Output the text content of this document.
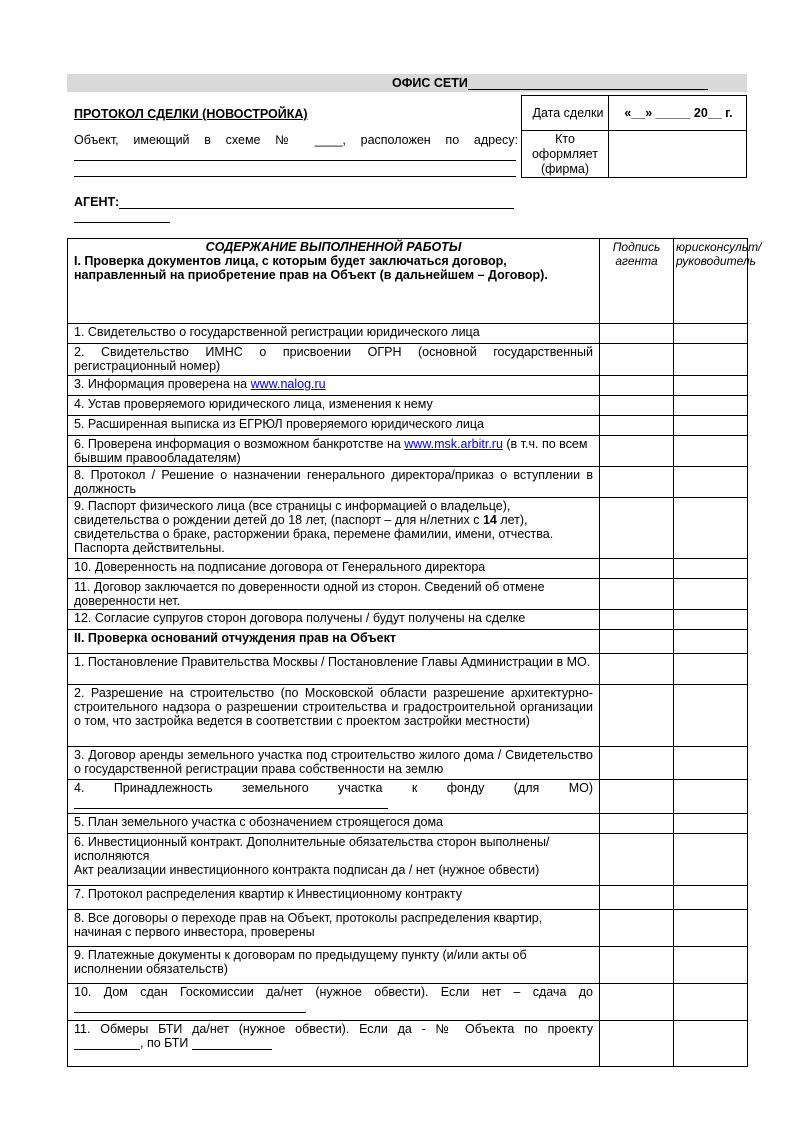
ОФИС СЕТИ
ПРОТОКОЛ СДЕЛКИ (НОВОСТРОЙКА)
Объект, имеющий в схеме № ____, расположен по адресу:
Дата сделки	«__» _____ 20__ г.
Кто оформляет (фирма)
АГЕНТ:
СОДЕРЖАНИЕ ВЫПОЛНЕННОЙ РАБОТЫ
I. Проверка документов лица, с которым будет заключаться договор, направленный на приобретение прав на Объект (в дальнейшем – Договор).	Подпись агента	юрисконсульт/ руководитель
1. Свидетельство о государственной регистрации юридического лица		
2. Свидетельство ИМНС о присвоении ОГРН (основной государственный регистрационный номер)		
3. Информация проверена на www.nalog.ru		
4. Устав проверяемого юридического лица, изменения к нему		
5. Расширенная выписка из ЕГРЮЛ проверяемого юридического лица		
6. Проверена информация о возможном банкротстве на www.msk.arbitr.ru (в т.ч. по всем бывшим правообладателям)		
8. Протокол / Решение о назначении генерального директора/приказ о вступлении в должность		
9. Паспорт физического лица (все страницы с информацией о владельце), свидетельства о рождении детей до 18 лет, (паспорт – для н/летних с 14 лет), свидетельства о браке, расторжении брака, перемене фамилии, имени, отчества. Паспорта действительны.		
10. Доверенность на подписание договора от Генерального директора		
11. Договор заключается по доверенности одной из сторон. Сведений об отмене доверенности нет.		
12. Согласие супругов сторон договора получены / будут получены на сделке		
II. Проверка оснований отчуждения прав на Объект		
1. Постановление Правительства Москвы / Постановление Главы Администрации в МО.		
2. Разрешение на строительство (по Московской области разрешение архитектурно-строительного надзора о разрешении строительства и градостроительной организации о том, что застройка ведется в соответствии с проектом застройки местности)		
3. Договор аренды земельного участка под строительство жилого дома / Свидетельство о государственной регистрации права собственности на землю		

4. Принадлежность земельного участка к фонду (для МО)		

5. План земельного участка с обозначением строящегося дома		

6. Инвестиционный контракт. Дополнительные обязательства сторон выполнены/исполняются
Акт реализации инвестиционного контракта подписан да / нет (нужное обвести)		

7. Протокол распределения квартир к Инвестиционному контракту		
8. Все договоры о переходе прав на Объект, протоколы распределения квартир, начиная с первого инвестора, проверены		
9. Платежные документы к договорам по предыдущему пункту (и/или акты об исполнении обязательств)		

10. Дом сдан Госкомиссии да/нет (нужное обвести). Если нет – сдача до		

11. Обмеры БТИ да/нет (нужное обвести). Если да - № Объекта по проекту
, по БТИ		
